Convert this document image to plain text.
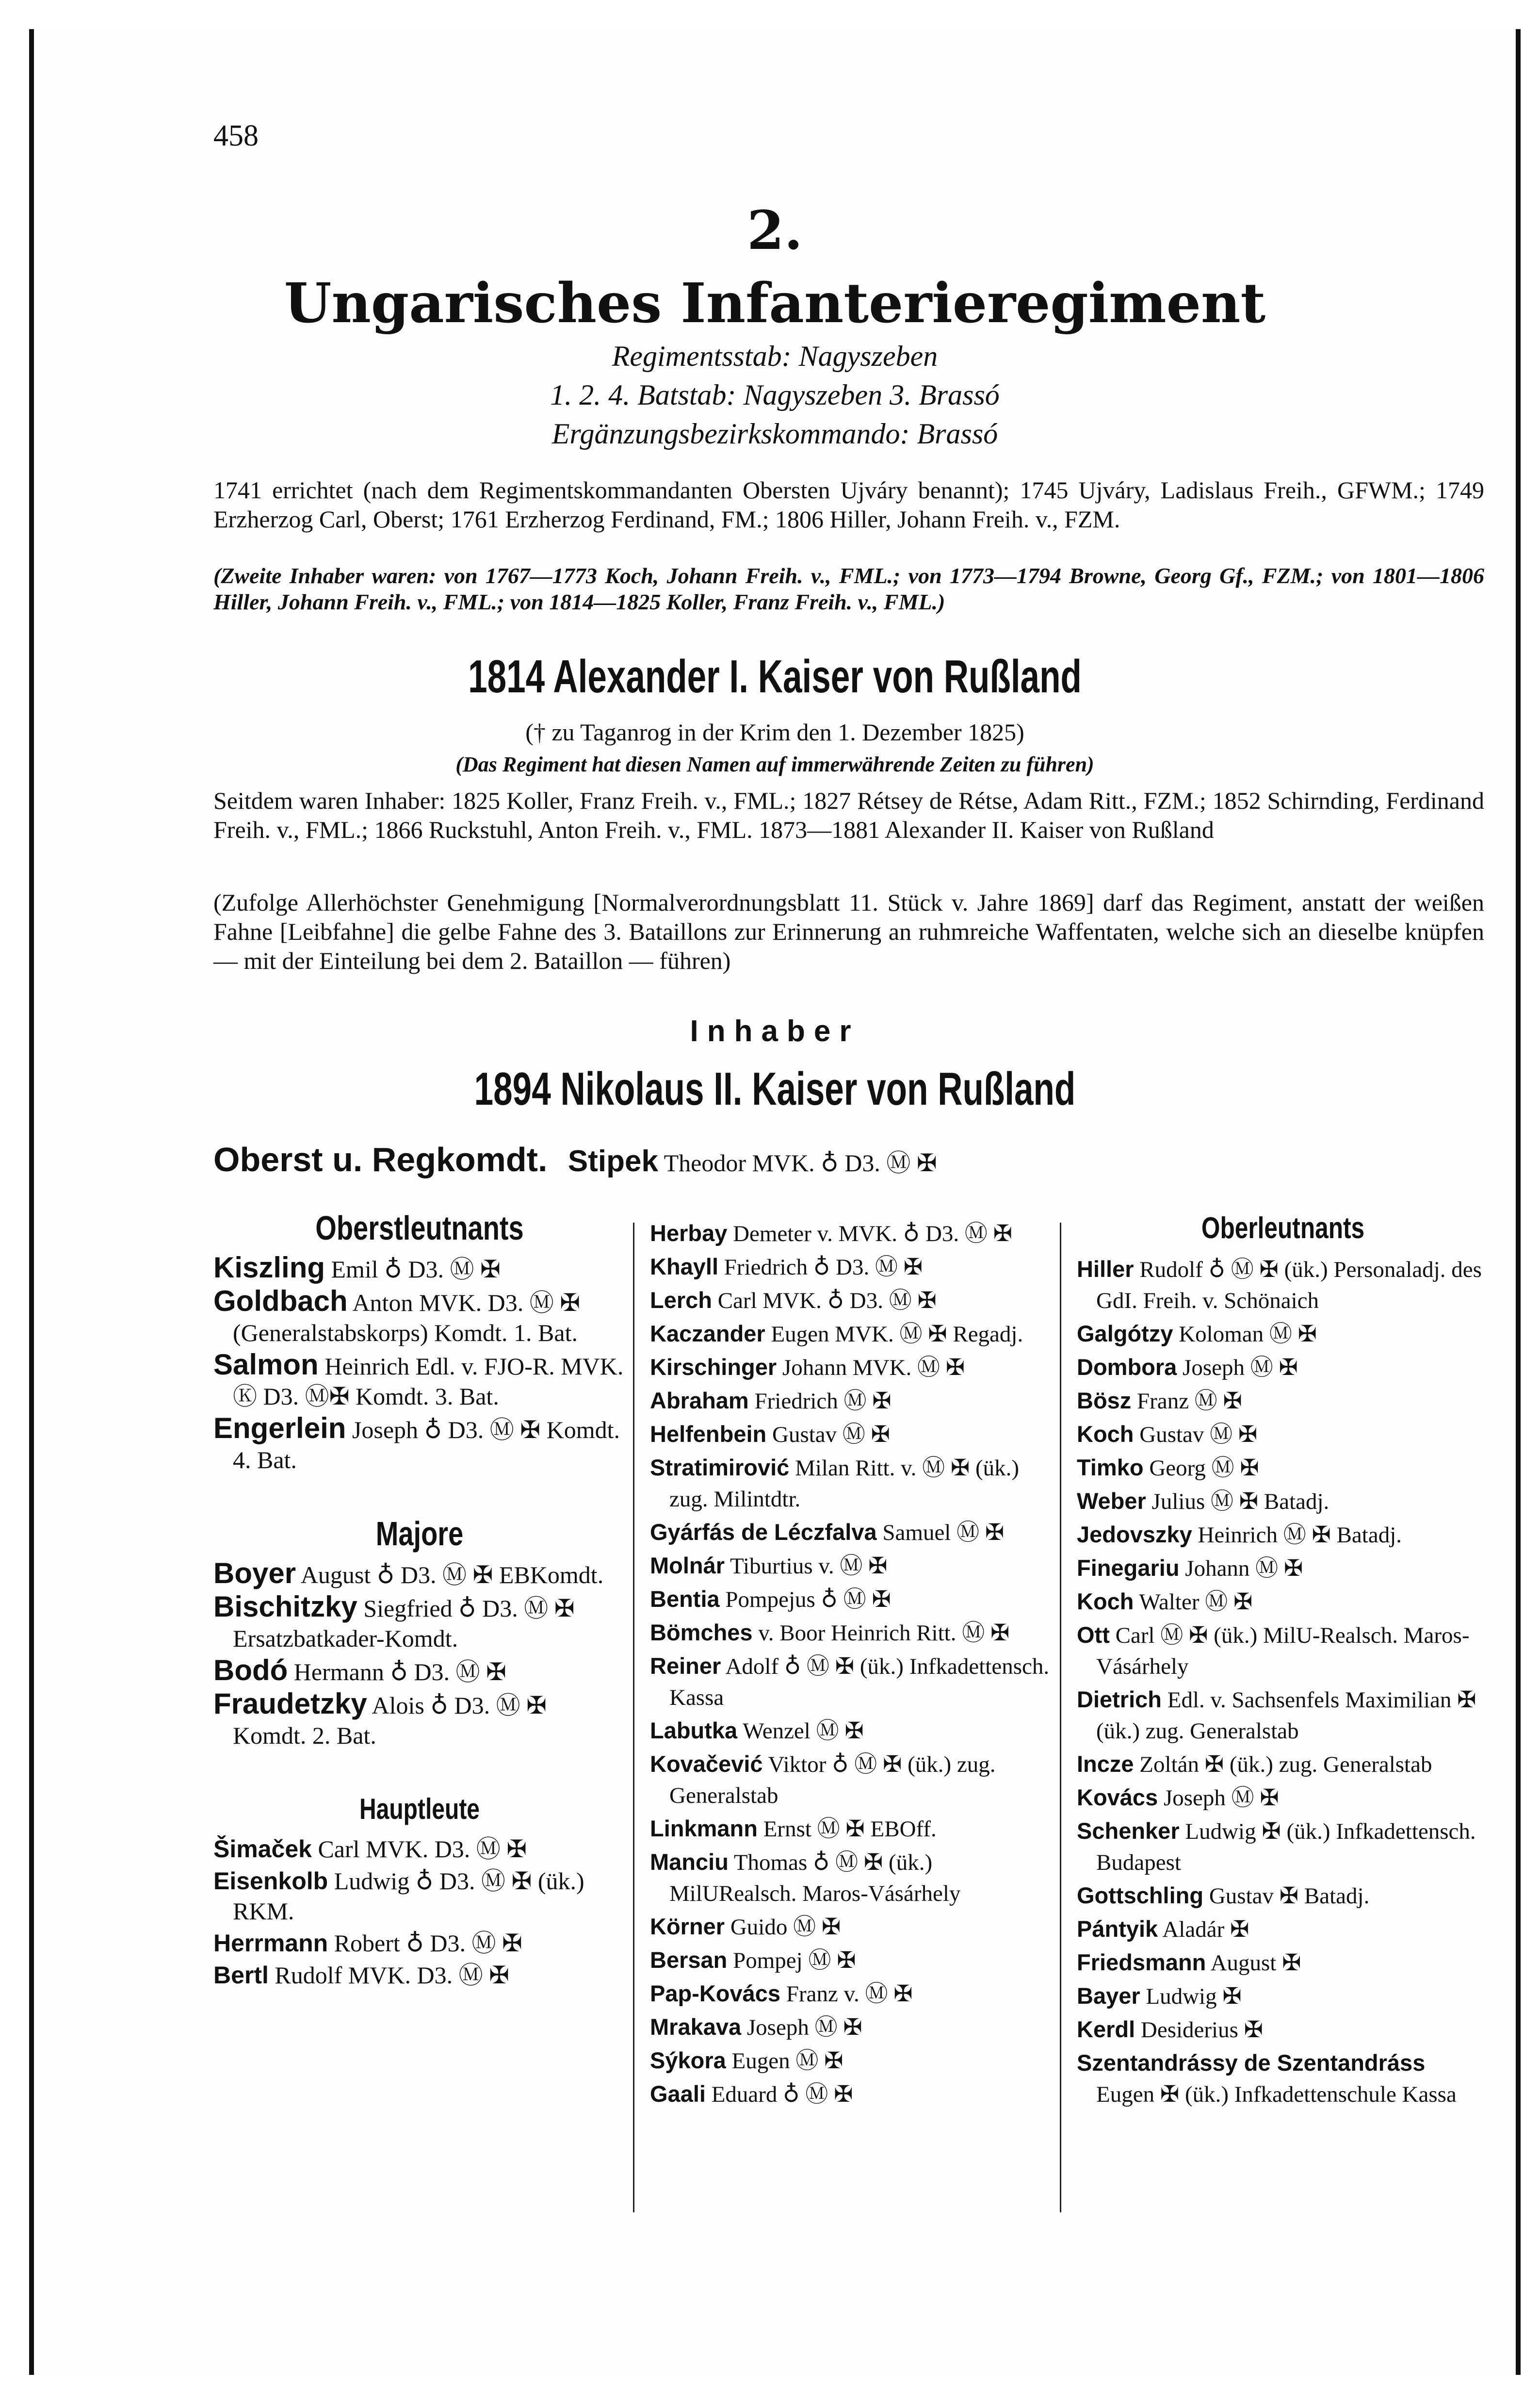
458
2.
Ungarisches Infanterieregiment
Regimentsstab: Nagyszeben
1. 2. 4. Batstab: Nagyszeben 3. Brassó
Ergänzungsbezirkskommando: Brassó
1741 errichtet (nach dem Regimentskommandanten Obersten Ujváry benannt); 1745 Ujváry, Ladislaus Freih., GFWM.; 1749 Erzherzog Carl, Oberst; 1761 Erzherzog Ferdinand, FM.; 1806 Hiller, Johann Freih. v., FZM.
(Zweite Inhaber waren: von 1767—1773 Koch, Johann Freih. v., FML.; von 1773—1794 Browne, Georg Gf., FZM.; von 1801—1806 Hiller, Johann Freih. v., FML.; von 1814—1825 Koller, Franz Freih. v., FML.)
1814 Alexander I. Kaiser von Rußland
(† zu Taganrog in der Krim den 1. Dezember 1825)
(Das Regiment hat diesen Namen auf immerwährende Zeiten zu führen)
Seitdem waren Inhaber: 1825 Koller, Franz Freih. v., FML.; 1827 Rétsey de Rétse, Adam Ritt., FZM.; 1852 Schirnding, Ferdinand Freih. v., FML.; 1866 Ruckstuhl, Anton Freih. v., FML. 1873—1881 Alexander II. Kaiser von Rußland
(Zufolge Allerhöchster Genehmigung [Normalverordnungsblatt 11. Stück v. Jahre 1869] darf das Regiment, anstatt der weißen Fahne [Leibfahne] die gelbe Fahne des 3. Bataillons zur Erinnerung an ruhmreiche Waffentaten, welche sich an dieselbe knüpfen — mit der Einteilung bei dem 2. Bataillon — führen)
Inhaber
1894 Nikolaus II. Kaiser von Rußland
Oberst u. Regkomdt. Stipek Theodor MVK. ♁ D3. Ⓜ ✠
Oberstleutnants
Kiszling Emil ♁ D3. Ⓜ ✠
Goldbach Anton MVK. D3. Ⓜ ✠ (Generalstabskorps) Komdt. 1. Bat.
Salmon Heinrich Edl. v. FJO-R. MVK. Ⓚ D3. Ⓜ✠ Komdt. 3. Bat.
Engerlein Joseph ♁ D3. Ⓜ ✠ Komdt. 4. Bat.
Majore
Boyer August ♁ D3. Ⓜ ✠ EBKomdt.
Bischitzky Siegfried ♁ D3. Ⓜ ✠ Ersatzbatkader-Komdt.
Bodó Hermann ♁ D3. Ⓜ ✠
Fraudetzky Alois ♁ D3. Ⓜ ✠ Komdt. 2. Bat.
Hauptleute
Šimaček Carl MVK. D3. Ⓜ ✠
Eisenkolb Ludwig ♁ D3. Ⓜ ✠ (ük.) RKM.
Herrmann Robert ♁ D3. Ⓜ ✠
Bertl Rudolf MVK. D3. Ⓜ ✠
Herbay Demeter v. MVK. ♁ D3. Ⓜ ✠
Khayll Friedrich ♁ D3. Ⓜ ✠
Lerch Carl MVK. ♁ D3. Ⓜ ✠
Kaczander Eugen MVK. Ⓜ ✠ Regadj.
Kirschinger Johann MVK. Ⓜ ✠
Abraham Friedrich Ⓜ ✠
Helfenbein Gustav Ⓜ ✠
Stratimirović Milan Ritt. v. Ⓜ ✠ (ük.) zug. Milintdtr.
Gyárfás de Léczfalva Samuel Ⓜ ✠
Molnár Tiburtius v. Ⓜ ✠
Bentia Pompejus ♁ Ⓜ ✠
Bömches v. Boor Heinrich Ritt. Ⓜ ✠
Reiner Adolf ♁ Ⓜ ✠ (ük.) Infkadettensch. Kassa
Labutka Wenzel Ⓜ ✠
Kovačević Viktor ♁ Ⓜ ✠ (ük.) zug. Generalstab
Linkmann Ernst Ⓜ ✠ EBOff.
Manciu Thomas ♁ Ⓜ ✠ (ük.) MilURealsch. Maros-Vásárhely
Körner Guido Ⓜ ✠
Bersan Pompej Ⓜ ✠
Pap-Kovács Franz v. Ⓜ ✠
Mrakava Joseph Ⓜ ✠
Sýkora Eugen Ⓜ ✠
Gaali Eduard ♁ Ⓜ ✠
Oberleutnants
Hiller Rudolf ♁ Ⓜ ✠ (ük.) Personaladj. des GdI. Freih. v. Schönaich
Galgótzy Koloman Ⓜ ✠
Dombora Joseph Ⓜ ✠
Bösz Franz Ⓜ ✠
Koch Gustav Ⓜ ✠
Timko Georg Ⓜ ✠
Weber Julius Ⓜ ✠ Batadj.
Jedovszky Heinrich Ⓜ ✠ Batadj.
Finegariu Johann Ⓜ ✠
Koch Walter Ⓜ ✠
Ott Carl Ⓜ ✠ (ük.) MilU-Realsch. Maros-Vásárhely
Dietrich Edl. v. Sachsenfels Maximilian ✠ (ük.) zug. Generalstab
Incze Zoltán ✠ (ük.) zug. Generalstab
Kovács Joseph Ⓜ ✠
Schenker Ludwig ✠ (ük.) Infkadettensch. Budapest
Gottschling Gustav ✠ Batadj.
Pántyik Aladár ✠
Friedsmann August ✠
Bayer Ludwig ✠
Kerdl Desiderius ✠
Szentandrássy de Szentandráss Eugen ✠ (ük.) Infkadettenschule Kassa
